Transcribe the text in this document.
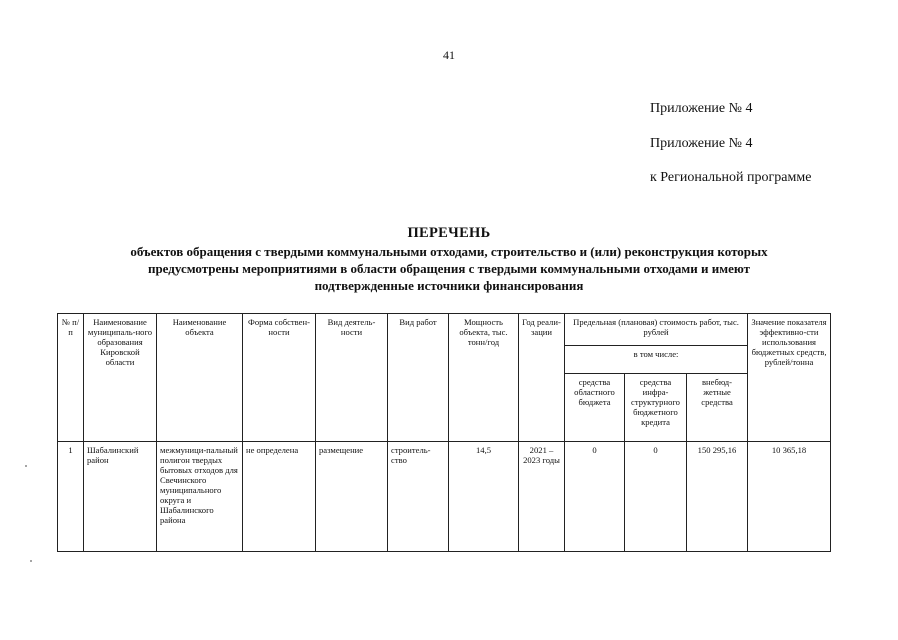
41
Приложение № 4
Приложение № 4
к Региональной программе
ПЕРЕЧЕНЬ
объектов обращения с твердыми коммунальными отходами, строительство и (или) реконструкция которых
предусмотрены мероприятиями в области обращения с твердыми коммунальными отходами и имеют
подтвержденные источники финансирования
№ п/п	Наименование муниципаль-ного образования Кировской области	Наименование объекта	Форма собствен-ности	Вид деятель-ности	Вид работ	Мощность объекта, тыс. тонн/год	Год реали-зации	Предельная (плановая) стоимость работ, тыс. рублей			Значение показателя эффективно-сти использования бюджетных средств, рублей/тонна
								в том числе:			
								средства областного бюджета	средства инфра-структурного бюджетного кредита	внебюд-жетные средства	
1	Шабалинский район	межмуници-пальный полигон твердых бытовых отходов для Свечинского муниципального округа и Шабалинского района	не определена	размещение	строитель-ство	14,5	2021 – 2023 годы	0	0	150 295,16	10 365,18
